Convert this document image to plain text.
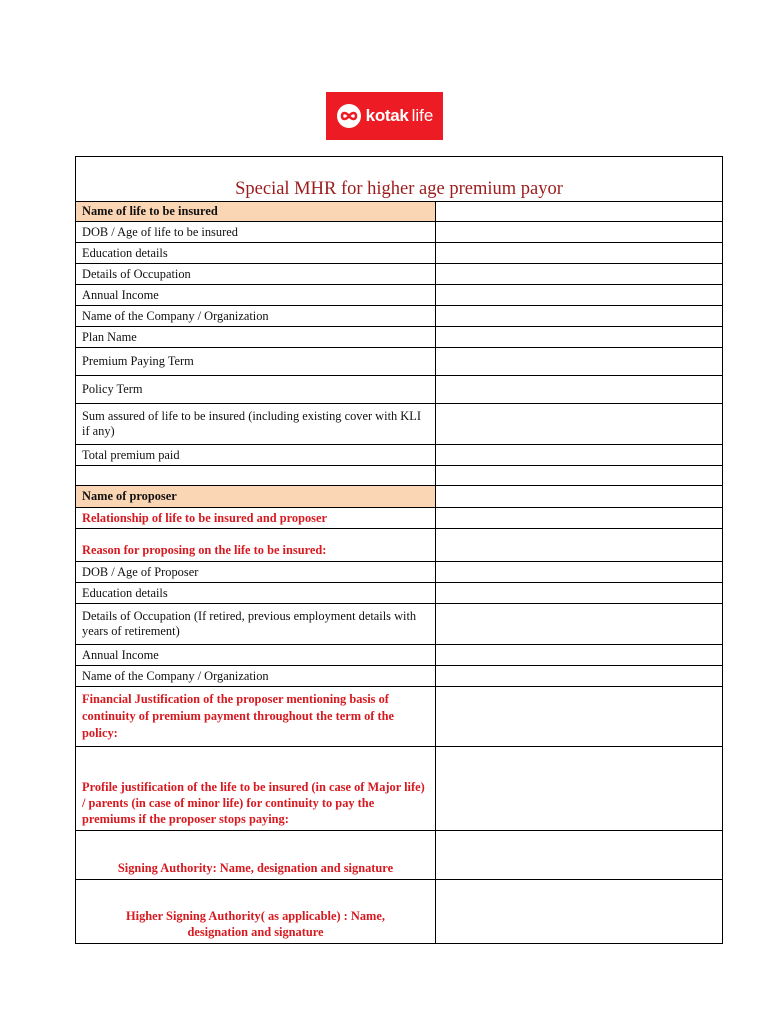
kotak life
Special MHR for higher age premium payor	
Name of life to be insured	
DOB / Age of life to be insured	
Education details	
Details of Occupation	
Annual Income	
Name of the Company / Organization	
Plan Name	
Premium Paying Term	
Policy Term	
Sum assured of life to be insured (including existing cover with KLI if any)	
Total premium paid	

Name of proposer	
Relationship of life to be insured and proposer	
Reason for proposing on the life to be insured:	
DOB / Age of Proposer	
Education details	
Details of Occupation (If retired, previous employment details with years of retirement)	
Annual Income	
Name of the Company / Organization	
Financial Justification of the proposer mentioning basis of continuity of premium payment throughout the term of the policy:	
Profile justification of the life to be insured (in case of Major life) / parents (in case of minor life) for continuity to pay the premiums if the proposer stops paying:	
Signing Authority: Name, designation and signature	
Higher Signing Authority( as applicable) : Name, designation and signature	
